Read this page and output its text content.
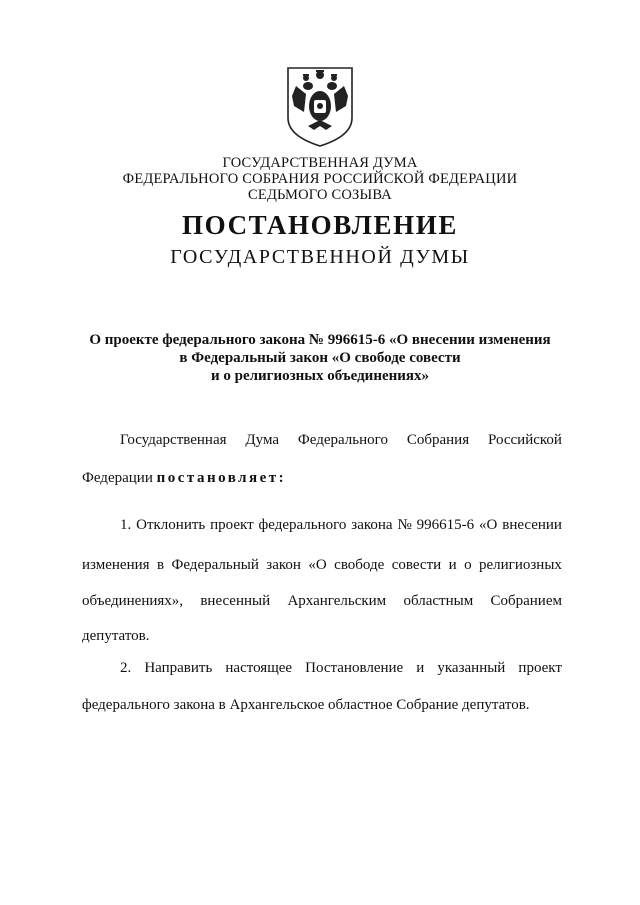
ГОСУДАРСТВЕННАЯ ДУМА
ФЕДЕРАЛЬНОГО СОБРАНИЯ РОССИЙСКОЙ ФЕДЕРАЦИИ
СЕДЬМОГО СОЗЫВА
ПОСТАНОВЛЕНИЕ
ГОСУДАРСТВЕННОЙ ДУМЫ
О проекте федерального закона № 996615-6 «О внесении изменения
в Федеральный закон «О свободе совести
и о религиозных объединениях»
Государственная Дума Федерального Собрания Российской
Федерации постановляет:
1. Отклонить проект федерального закона № 996615-6 «О внесении
изменения в Федеральный закон «О свободе совести и о религиозных
объединениях», внесенный Архангельским областным Собранием
депутатов.
2. Направить настоящее Постановление и указанный проект
федерального закона в Архангельское областное Собрание депутатов.
